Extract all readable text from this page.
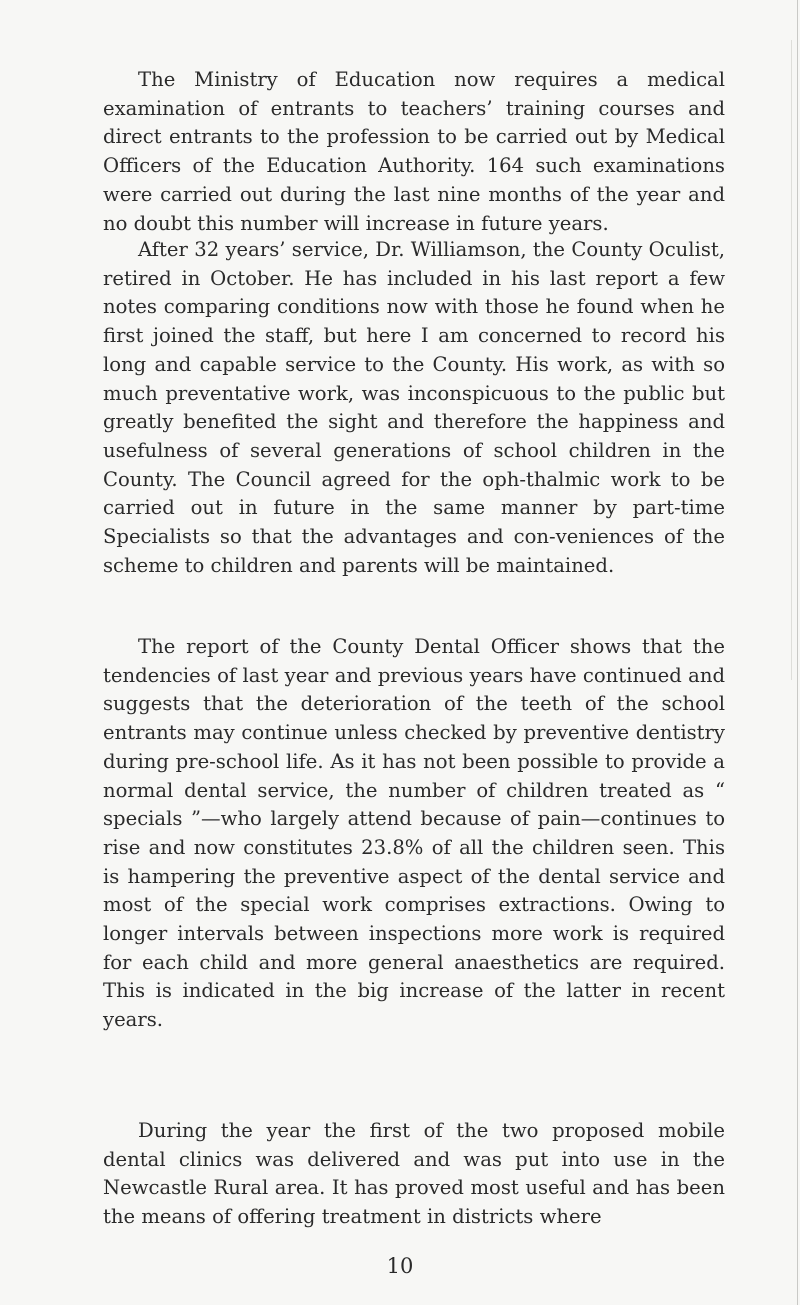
The Ministry of Education now requires a medical examination of entrants to teachers’ training courses and direct entrants to the profession to be carried out by Medical Officers of the Education Authority. 164 such examinations were carried out during the last nine months of the year and no doubt this number will increase in future years.

After 32 years’ service, Dr. Williamson, the County Oculist, retired in October. He has included in his last report a few notes comparing conditions now with those he found when he first joined the staff, but here I am concerned to record his long and capable service to the County. His work, as with so much preventative work, was inconspicuous to the public but greatly benefited the sight and therefore the happiness and usefulness of several generations of school children in the County. The Council agreed for the oph-thalmic work to be carried out in future in the same manner by part-time Specialists so that the advantages and con-veniences of the scheme to children and parents will be maintained.

The report of the County Dental Officer shows that the tendencies of last year and previous years have continued and suggests that the deterioration of the teeth of the school entrants may continue unless checked by preventive dentistry during pre-school life. As it has not been possible to provide a normal dental service, the number of children treated as “ specials ”—who largely attend because of pain—continues to rise and now constitutes 23.8% of all the children seen. This is hampering the preventive aspect of the dental service and most of the special work comprises extractions. Owing to longer intervals between inspections more work is required for each child and more general anaesthetics are required. This is indicated in the big increase of the latter in recent years.

During the year the first of the two proposed mobile dental clinics was delivered and was put into use in the Newcastle Rural area. It has proved most useful and has been the means of offering treatment in districts where

10
